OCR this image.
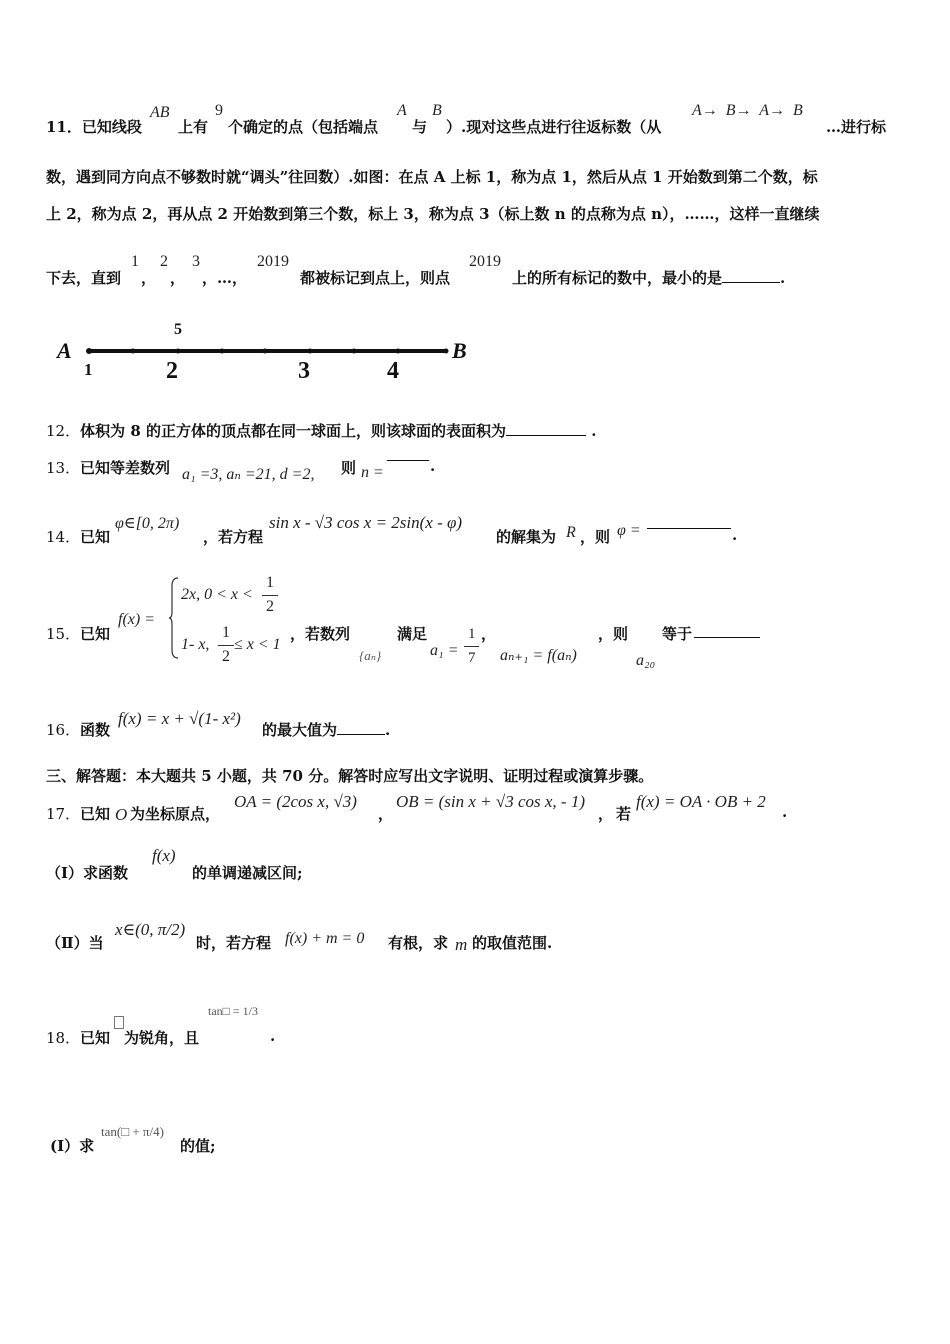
11．已知线段
AB
上有
9
个确定的点（包括端点
A
与
B
）.现对这些点进行往返标数（从
A→ B→ A→ B
…进行标
数，遇到同方向点不够数时就“调头”往回数）.如图：在点 A 上标 1，称为点 1，然后从点 1 开始数到第二个数，标
上 2，称为点 2，再从点 2 开始数到第三个数，标上 3，称为点 3（标上数 n 的点称为点 n），……，这样一直继续
下去，直到
1
，
2
，
3
，…，
2019
都被标记到点上，则点
2019
上的所有标记的数中，最小的是	.
A	B
1	2	3	4
5
12．体积为 8 的正方体的顶点都在同一球面上，则该球面的表面积为	.
13． 已知等差数列 a₁ =3, aₙ =21, d =2, 则 n =	.
14． 已知
φ∈[0, 2π)
，若方程
sin x - √3 cos x = 2sin(x - φ)
的解集为 R ，则 φ =	.
15． 已知
f(x) =
2x, 0 < x <
1
2
1- x,
1
2
≤ x < 1
，若数列
{aₙ}
满足
a₁ =
1
7
，
aₙ₊₁ = f(aₙ)
，则 等于
a₂₀
16． 函数
f(x) = x + √(1- x²)
的最大值为	.
三、解答题：本大题共 5 小题，共 70 分。解答时应写出文字说明、证明过程或演算步骤。
17． 已知 O 为坐标原点，
OA = (2cos x, √3)
，
OB = (sin x + √3 cos x, - 1)
， 若
f(x) = OA · OB + 2
.
（Ⅰ）求函数
f(x)
的单调递减区间;
（Ⅱ）当
x∈(0, π/2)
时，若方程 f(x) + m = 0 有根，求 m 的取值范围.
18． 已知 为锐角，且
tan□ = 1/3
.
(I）求
tan(□ + π/4)
的值;
